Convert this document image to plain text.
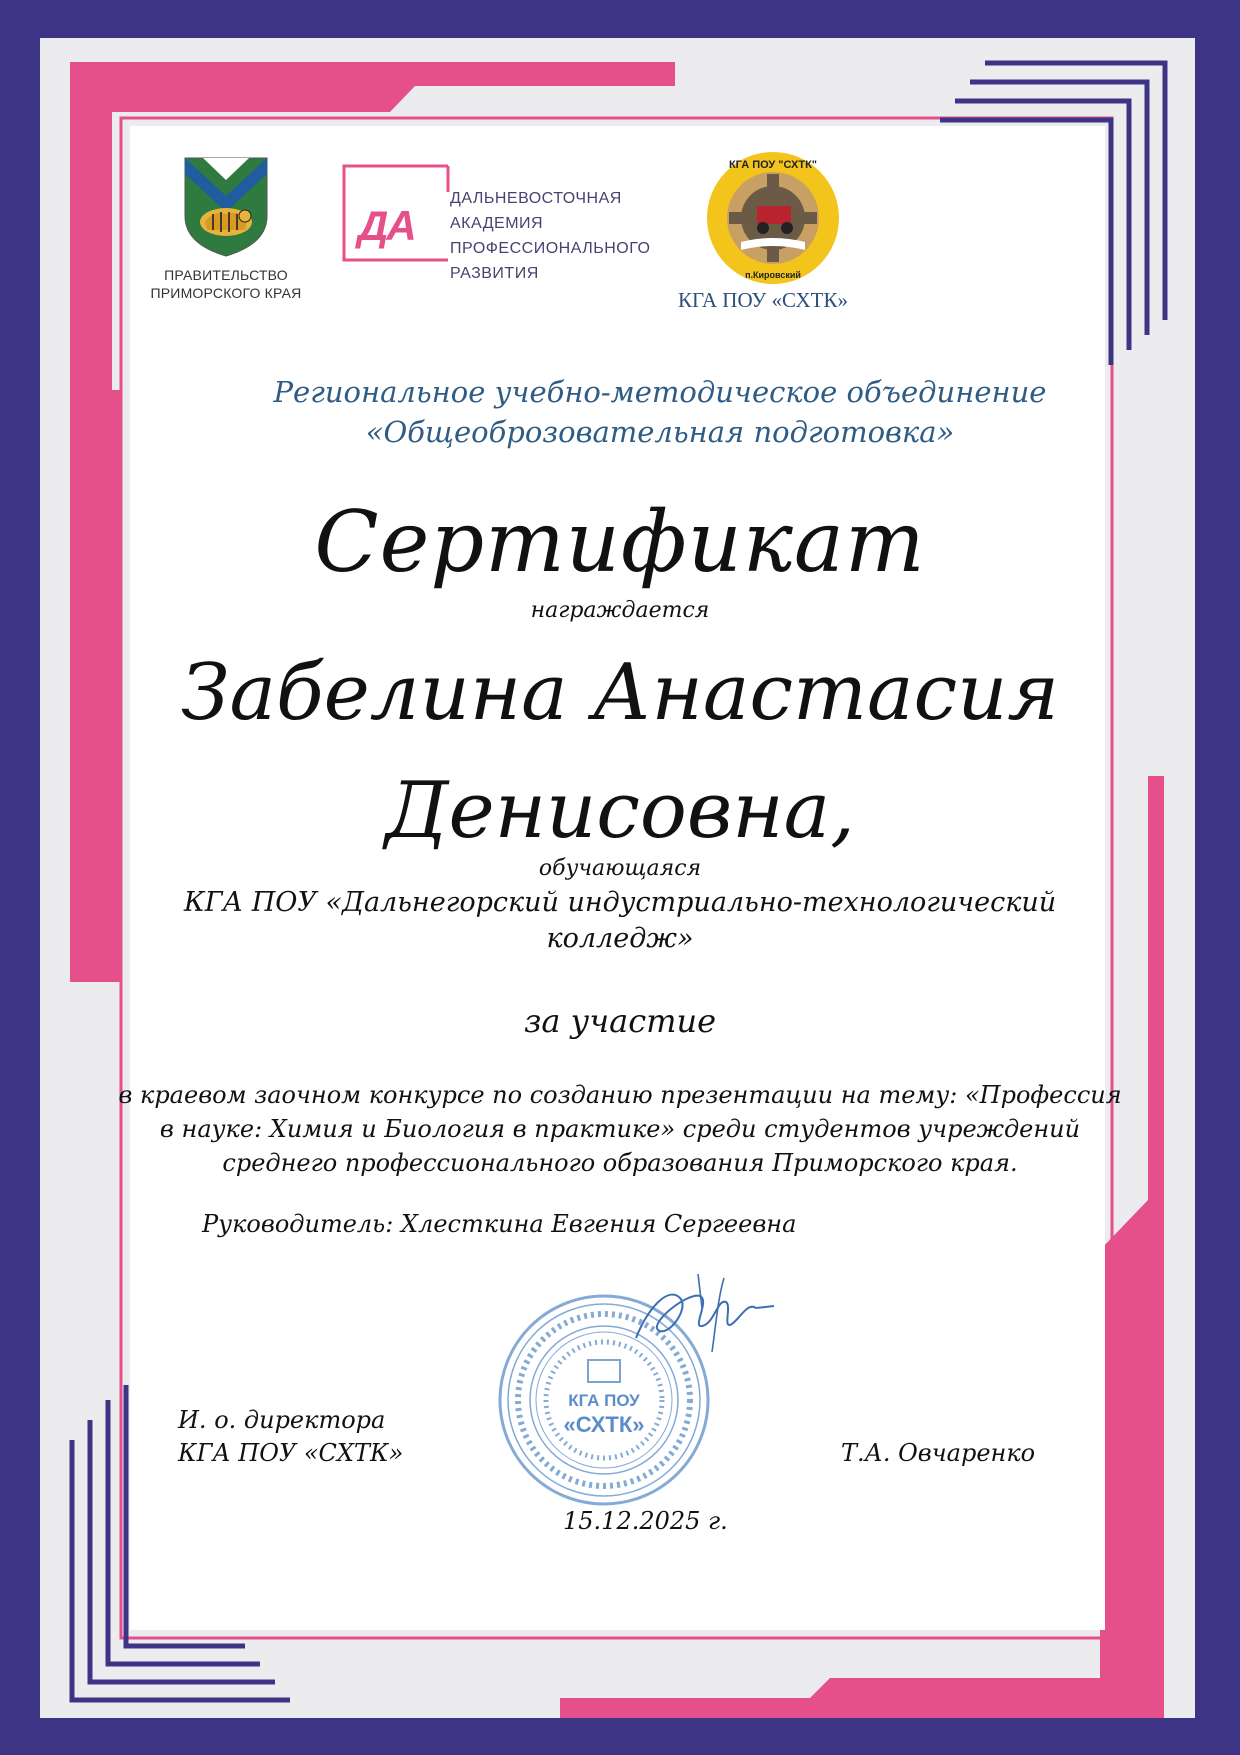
ПРАВИТЕЛЬСТВО
ПРИМОРСКОГО КРАЯ
ДА
ДАЛЬНЕВОСТОЧНАЯ
АКАДЕМИЯ
ПРОФЕССИОНАЛЬНОГО
РАЗВИТИЯ
КГА ПОУ "СХТК"
п.Кировский
КГА ПОУ «СХТК»
Региональное учебно-методическое объединение
«Общеоброзовательная подготовка»
Сертификат
награждается
Забелина Анастасия
Денисовна,
обучающаяся
КГА ПОУ «Дальнегорский индустриально-технологический
колледж»
за участие
в краевом заочном конкурсе по созданию презентации на тему: «Профессия
в науке: Химия и Биология в практике» среди студентов учреждений
среднего профессионального образования Приморского края.
Руководитель: Хлесткина Евгения Сергеевна
КГА ПОУ
«СХТК»
И. о. директора
КГА ПОУ «СХТК»	Т.А. Овчаренко
15.12.2025 г.
